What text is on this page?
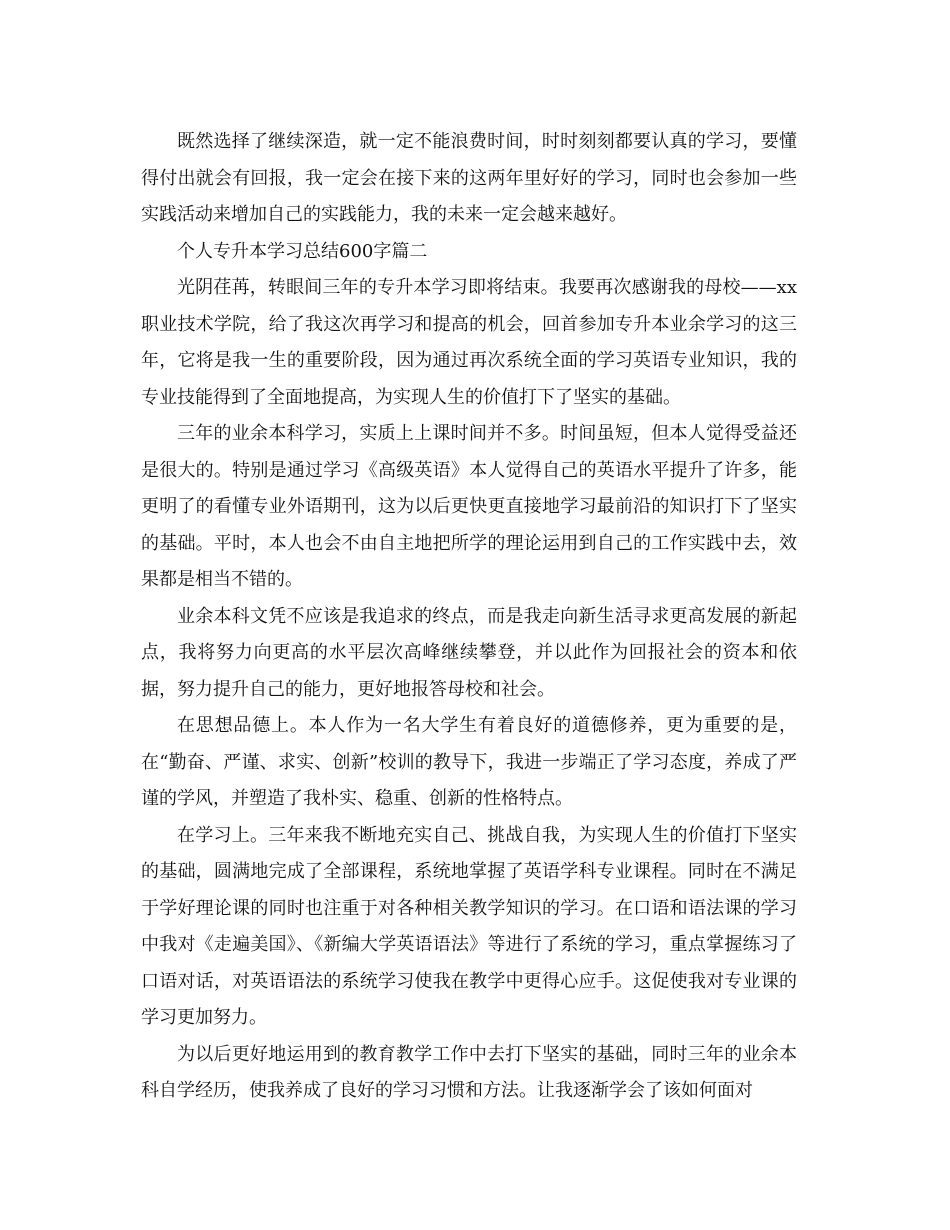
既然选择了继续深造，就一定不能浪费时间，时时刻刻都要认真的学习，要懂得付出就会有回报，我一定会在接下来的这两年里好好的学习，同时也会参加一些实践活动来增加自己的实践能力，我的未来一定会越来越好。

个人专升本学习总结600字篇二

光阴荏苒，转眼间三年的专升本学习即将结束。我要再次感谢我的母校——xx职业技术学院，给了我这次再学习和提高的机会，回首参加专升本业余学习的这三年，它将是我一生的重要阶段，因为通过再次系统全面的学习英语专业知识，我的专业技能得到了全面地提高，为实现人生的价值打下了坚实的基础。

三年的业余本科学习，实质上上课时间并不多。时间虽短，但本人觉得受益还是很大的。特别是通过学习《高级英语》本人觉得自己的英语水平提升了许多，能更明了的看懂专业外语期刊，这为以后更快更直接地学习最前沿的知识打下了坚实的基础。平时，本人也会不由自主地把所学的理论运用到自己的工作实践中去，效果都是相当不错的。

业余本科文凭不应该是我追求的终点，而是我走向新生活寻求更高发展的新起点，我将努力向更高的水平层次高峰继续攀登，并以此作为回报社会的资本和依据，努力提升自己的能力，更好地报答母校和社会。

在思想品德上。本人作为一名大学生有着良好的道德修养，更为重要的是，在“勤奋、严谨、求实、创新”校训的教导下，我进一步端正了学习态度，养成了严谨的学风，并塑造了我朴实、稳重、创新的性格特点。

在学习上。三年来我不断地充实自己、挑战自我，为实现人生的价值打下坚实的基础，圆满地完成了全部课程，系统地掌握了英语学科专业课程。同时在不满足于学好理论课的同时也注重于对各种相关教学知识的学习。在口语和语法课的学习中我对《走遍美国》、《新编大学英语语法》等进行了系统的学习，重点掌握练习了口语对话，对英语语法的系统学习使我在教学中更得心应手。这促使我对专业课的学习更加努力。

为以后更好地运用到的教育教学工作中去打下坚实的基础，同时三年的业余本科自学经历，使我养成了良好的学习习惯和方法。让我逐渐学会了该如何面对
